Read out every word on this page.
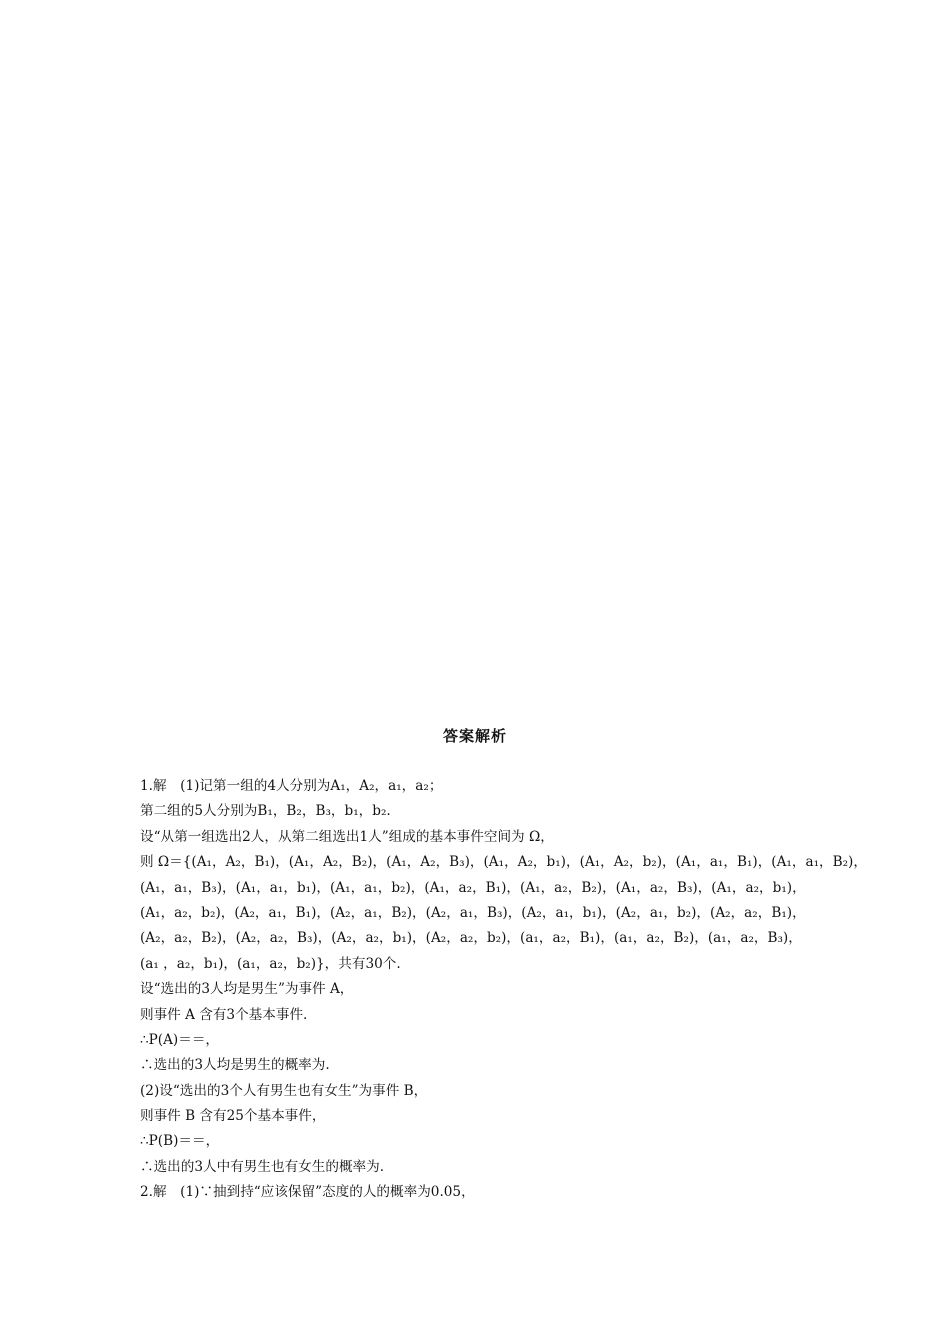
答案解析
1.解　(1)记第一组的4人分别为A₁，A₂，a₁，a₂；
第二组的5人分别为B₁，B₂，B₃，b₁，b₂.
设“从第一组选出2人，从第二组选出1人”组成的基本事件空间为 Ω，
则 Ω＝{(A₁，A₂，B₁)，(A₁，A₂，B₂)，(A₁，A₂，B₃)，(A₁，A₂，b₁)，(A₁，A₂，b₂)，(A₁，a₁，B₁)，(A₁，a₁，B₂)，
(A₁，a₁，B₃)，(A₁，a₁，b₁)，(A₁，a₁，b₂)，(A₁，a₂，B₁)，(A₁，a₂，B₂)，(A₁，a₂，B₃)，(A₁，a₂，b₁)，
(A₁，a₂，b₂)，(A₂，a₁，B₁)，(A₂，a₁，B₂)，(A₂，a₁，B₃)，(A₂，a₁，b₁)，(A₂，a₁，b₂)，(A₂，a₂，B₁)，
(A₂，a₂，B₂)，(A₂，a₂，B₃)，(A₂，a₂，b₁)，(A₂，a₂，b₂)，(a₁，a₂，B₁)，(a₁，a₂，B₂)，(a₁，a₂，B₃)，
(a₁ ，a₂，b₁)，(a₁，a₂，b₂)}，共有30个.
设“选出的3人均是男生”为事件 A，
则事件 A 含有3个基本事件.
∴P(A)＝＝，
∴选出的3人均是男生的概率为.
(2)设“选出的3个人有男生也有女生”为事件 B，
则事件 B 含有25个基本事件，
∴P(B)＝＝，
∴选出的3人中有男生也有女生的概率为.
2.解　(1)∵抽到持“应该保留”态度的人的概率为0.05，
